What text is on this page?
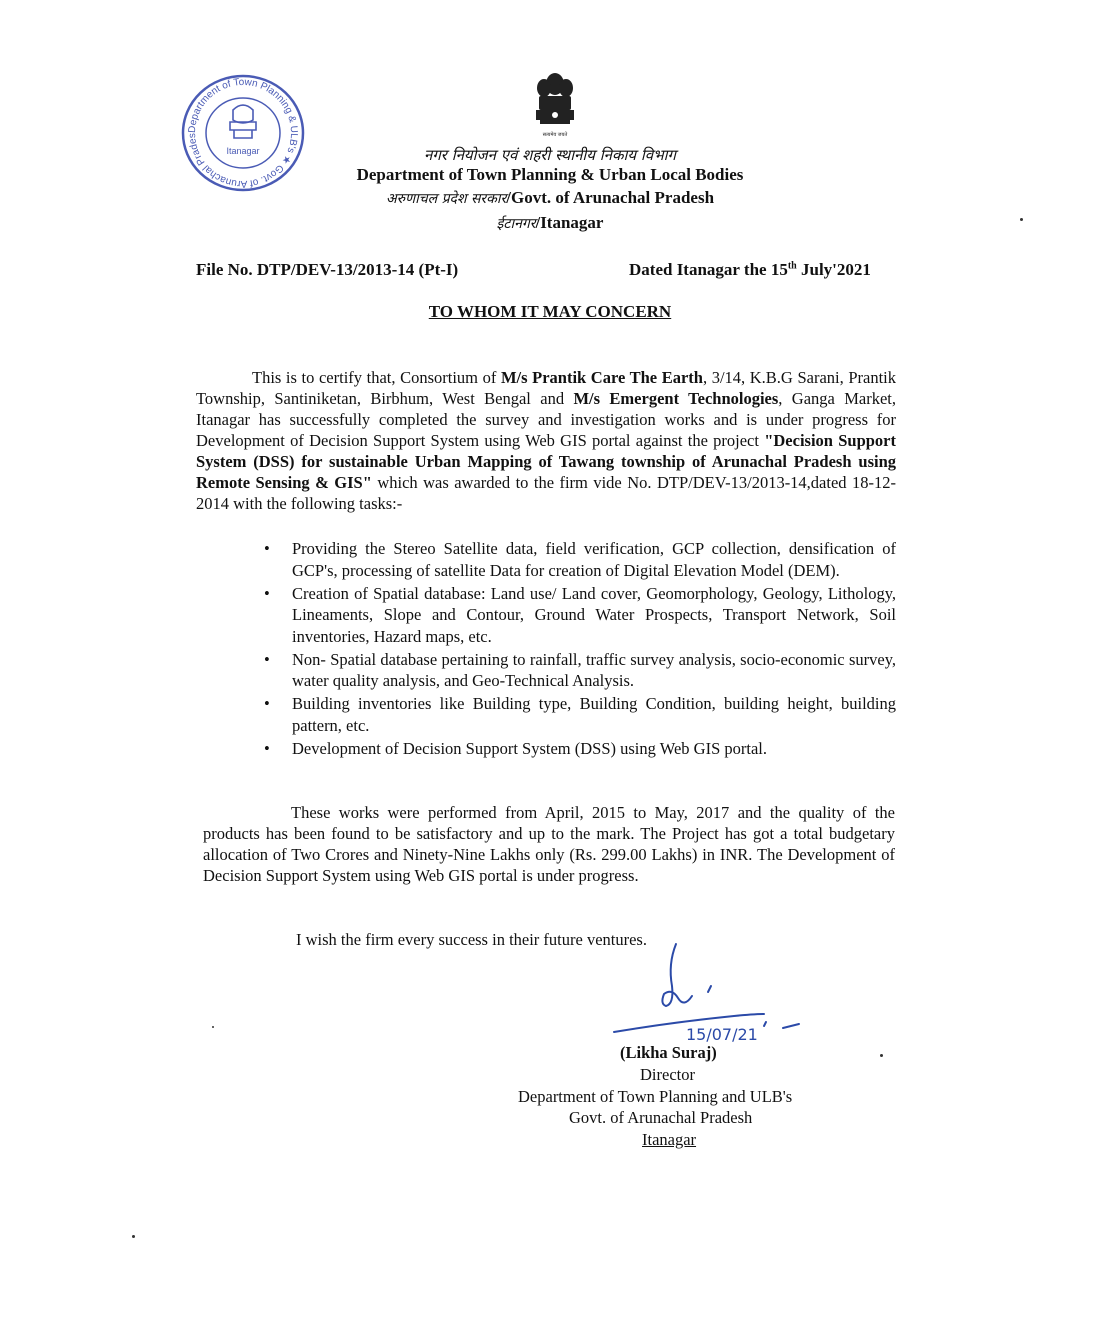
Department of Town Planning & ULB's ★ Govt. of Arunachal Prades
Itanagar
सत्यमेव जयते
नगर नियोजन एवं शहरी स्थानीय निकाय विभाग
Department of Town Planning & Urban Local Bodies
अरुणाचल प्रदेश सरकार/Govt. of Arunachal Pradesh
ईटानगर/Itanagar
File No. DTP/DEV-13/2013-14 (Pt-I)	Dated Itanagar the 15th July'2021
TO WHOM IT MAY CONCERN
This is to certify that, Consortium of M/s Prantik Care The Earth, 3/14, K.B.G Sarani, Prantik Township, Santiniketan, Birbhum, West Bengal and M/s Emergent Technologies, Ganga Market, Itanagar has successfully completed the survey and investigation works and is under progress for Development of Decision Support System using Web GIS portal against the project "Decision Support System (DSS) for sustainable Urban Mapping of Tawang township of Arunachal Pradesh using Remote Sensing & GIS" which was awarded to the firm vide No. DTP/DEV-13/2013-14,dated 18-12-2014 with the following tasks:-
• Providing the Stereo Satellite data, field verification, GCP collection, densification of GCP's, processing of satellite Data for creation of Digital Elevation Model (DEM).
• Creation of Spatial database: Land use/ Land cover, Geomorphology, Geology, Lithology, Lineaments, Slope and Contour, Ground Water Prospects, Transport Network, Soil inventories, Hazard maps, etc.
• Non- Spatial database pertaining to rainfall, traffic survey analysis, socio-economic survey, water quality analysis, and Geo-Technical Analysis.
• Building inventories like Building type, Building Condition, building height, building pattern, etc.
• Development of Decision Support System (DSS) using Web GIS portal.
These works were performed from April, 2015 to May, 2017 and the quality of the products has been found to be satisfactory and up to the mark. The Project has got a total budgetary allocation of Two Crores and Ninety-Nine Lakhs only (Rs. 299.00 Lakhs) in INR. The Development of Decision Support System using Web GIS portal is under progress.
I wish the firm every success in their future ventures.
15/07/21
(Likha Suraj)
Director
Department of Town Planning and ULB's
Govt. of Arunachal Pradesh
Itanagar
